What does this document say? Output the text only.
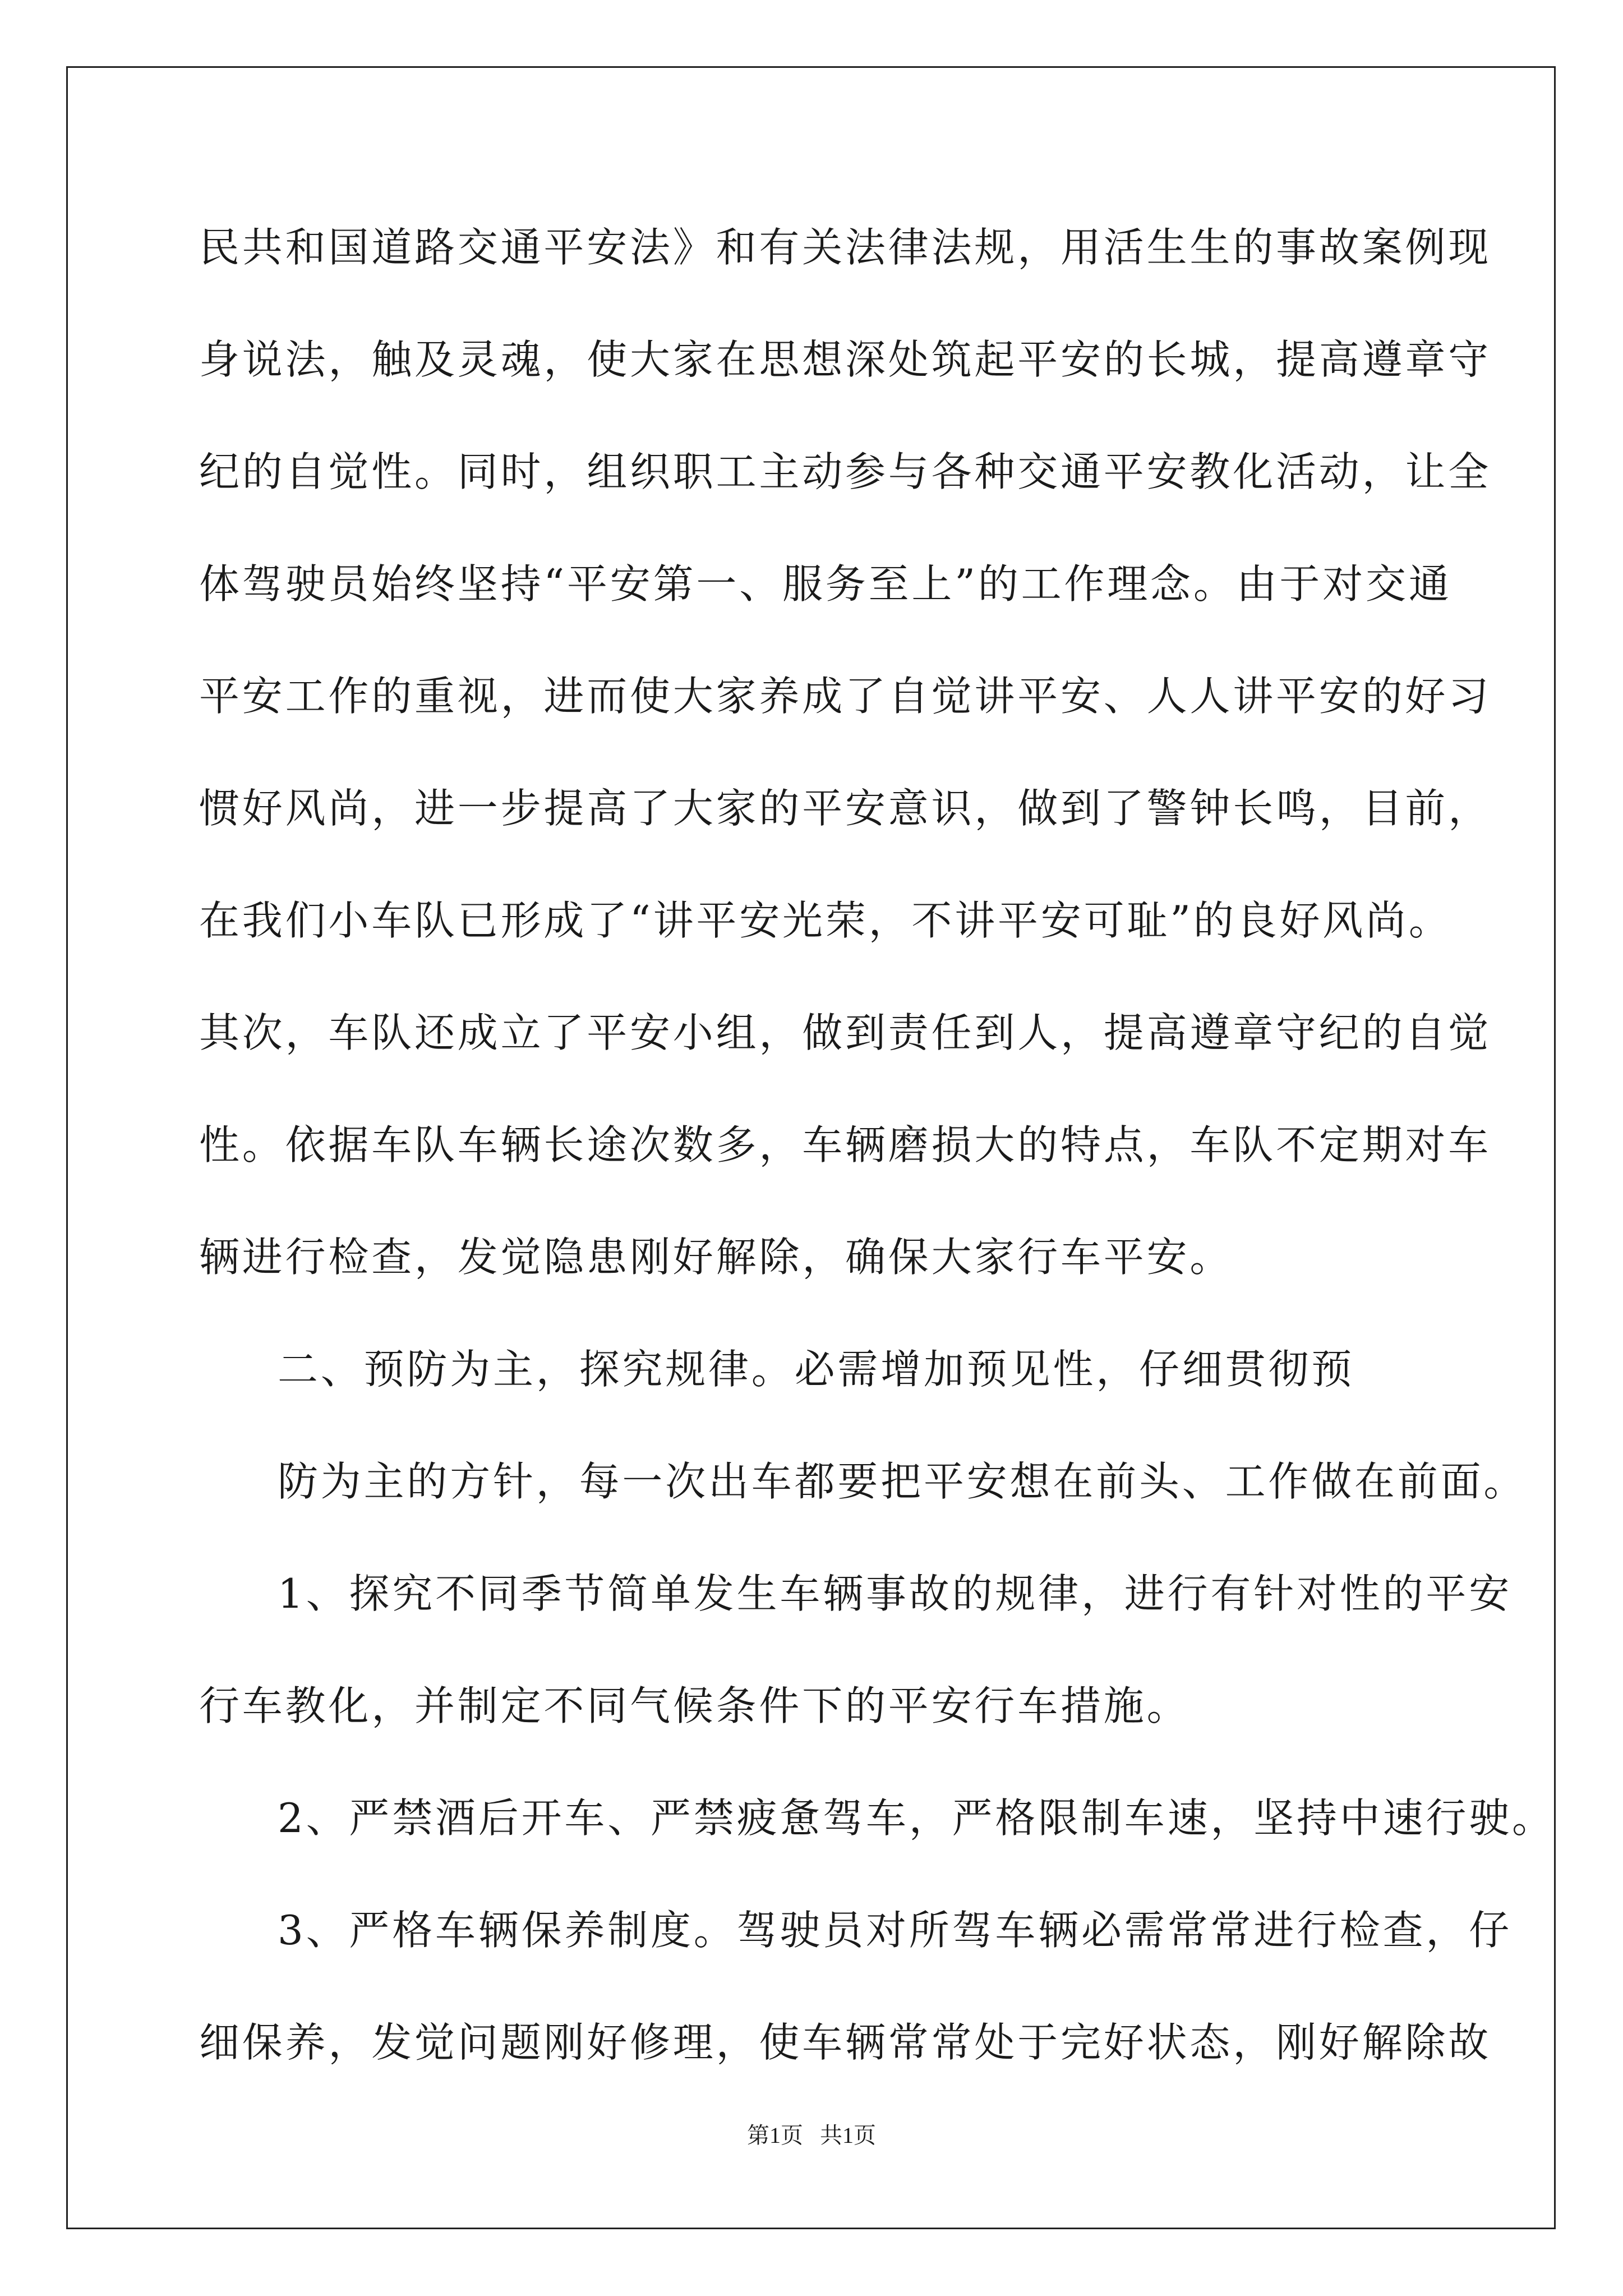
民共和国道路交通平安法》和有关法律法规，用活生生的事故案例现
身说法，触及灵魂，使大家在思想深处筑起平安的长城，提高遵章守
纪的自觉性。同时，组织职工主动参与各种交通平安教化活动，让全
体驾驶员始终坚持“平安第一、服务至上”的工作理念。由于对交通
平安工作的重视，进而使大家养成了自觉讲平安、人人讲平安的好习
惯好风尚，进一步提高了大家的平安意识，做到了警钟长鸣，目前，
在我们小车队已形成了“讲平安光荣，不讲平安可耻”的良好风尚。
其次，车队还成立了平安小组，做到责任到人，提高遵章守纪的自觉
性。依据车队车辆长途次数多，车辆磨损大的特点，车队不定期对车
辆进行检查，发觉隐患刚好解除，确保大家行车平安。
二、预防为主，探究规律。必需增加预见性，仔细贯彻预
防为主的方针，每一次出车都要把平安想在前头、工作做在前面。
1、探究不同季节简单发生车辆事故的规律，进行有针对性的平安
行车教化，并制定不同气候条件下的平安行车措施。
2、严禁酒后开车、严禁疲惫驾车，严格限制车速，坚持中速行驶。
3、严格车辆保养制度。驾驶员对所驾车辆必需常常进行检查，仔
细保养，发觉问题刚好修理，使车辆常常处于完好状态，刚好解除故
第1页   共1页
